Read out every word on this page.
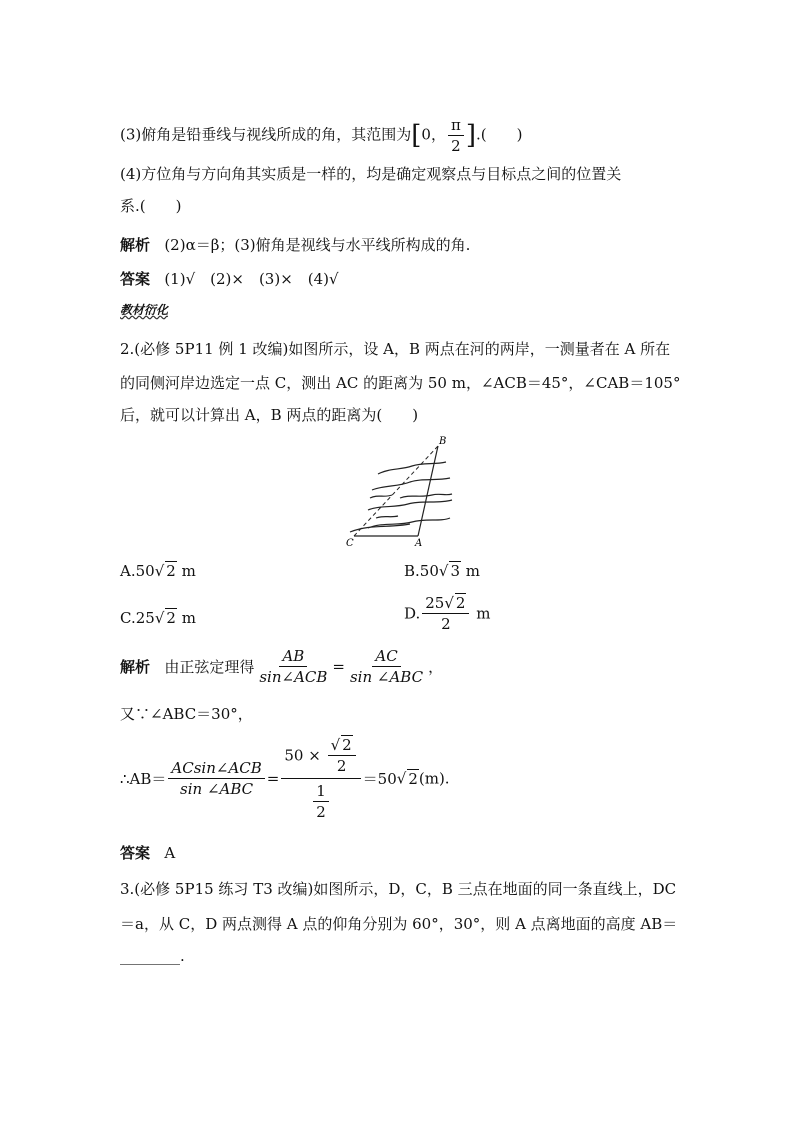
(3)俯角是铅垂线与视线所成的角，其范围为[0， $\frac{\pi}{2}$ ].(　　)
(4)方位角与方向角其实质是一样的，均是确定观察点与目标点之间的位置关
系.(　　)
解析 (2)α＝β；(3)俯角是视线与水平线所构成的角.
答案 (1)√　(2)×　(3)×　(4)√
教材衍化
2.(必修 5P11 例 1 改编)如图所示，设 A，B 两点在河的两岸，一测量者在 A 所在
的同侧河岸边选定一点 C，测出 AC 的距离为 50 m，∠ACB＝45°，∠CAB＝105°
后，就可以计算出 A，B 两点的距离为(　　)
B
C	A
A.50√ 2 m	B.50√ 3 m
C.25√ 2 m	D. $\frac{25√ 2}{2}$ m
解析 由正弦定理得 $\frac{AB}{\text{sin∠ACB}} = \frac{AC}{\text{sin ∠ABC}}$ ，
又∵∠ABC＝30°，
∴AB＝ $\frac{\text{ACsin∠ACB}}{\text{sin ∠ABC}} = \frac{50 \times \frac{√ 2}{2}}{\frac{1}{2}} =50√$ 2(m).
答案 A
3.(必修 5P15 练习 T3 改编)如图所示，D，C，B 三点在地面的同一条直线上，DC
＝a，从 C，D 两点测得 A 点的仰角分别为 60°，30°，则 A 点离地面的高度 AB＝
________.
